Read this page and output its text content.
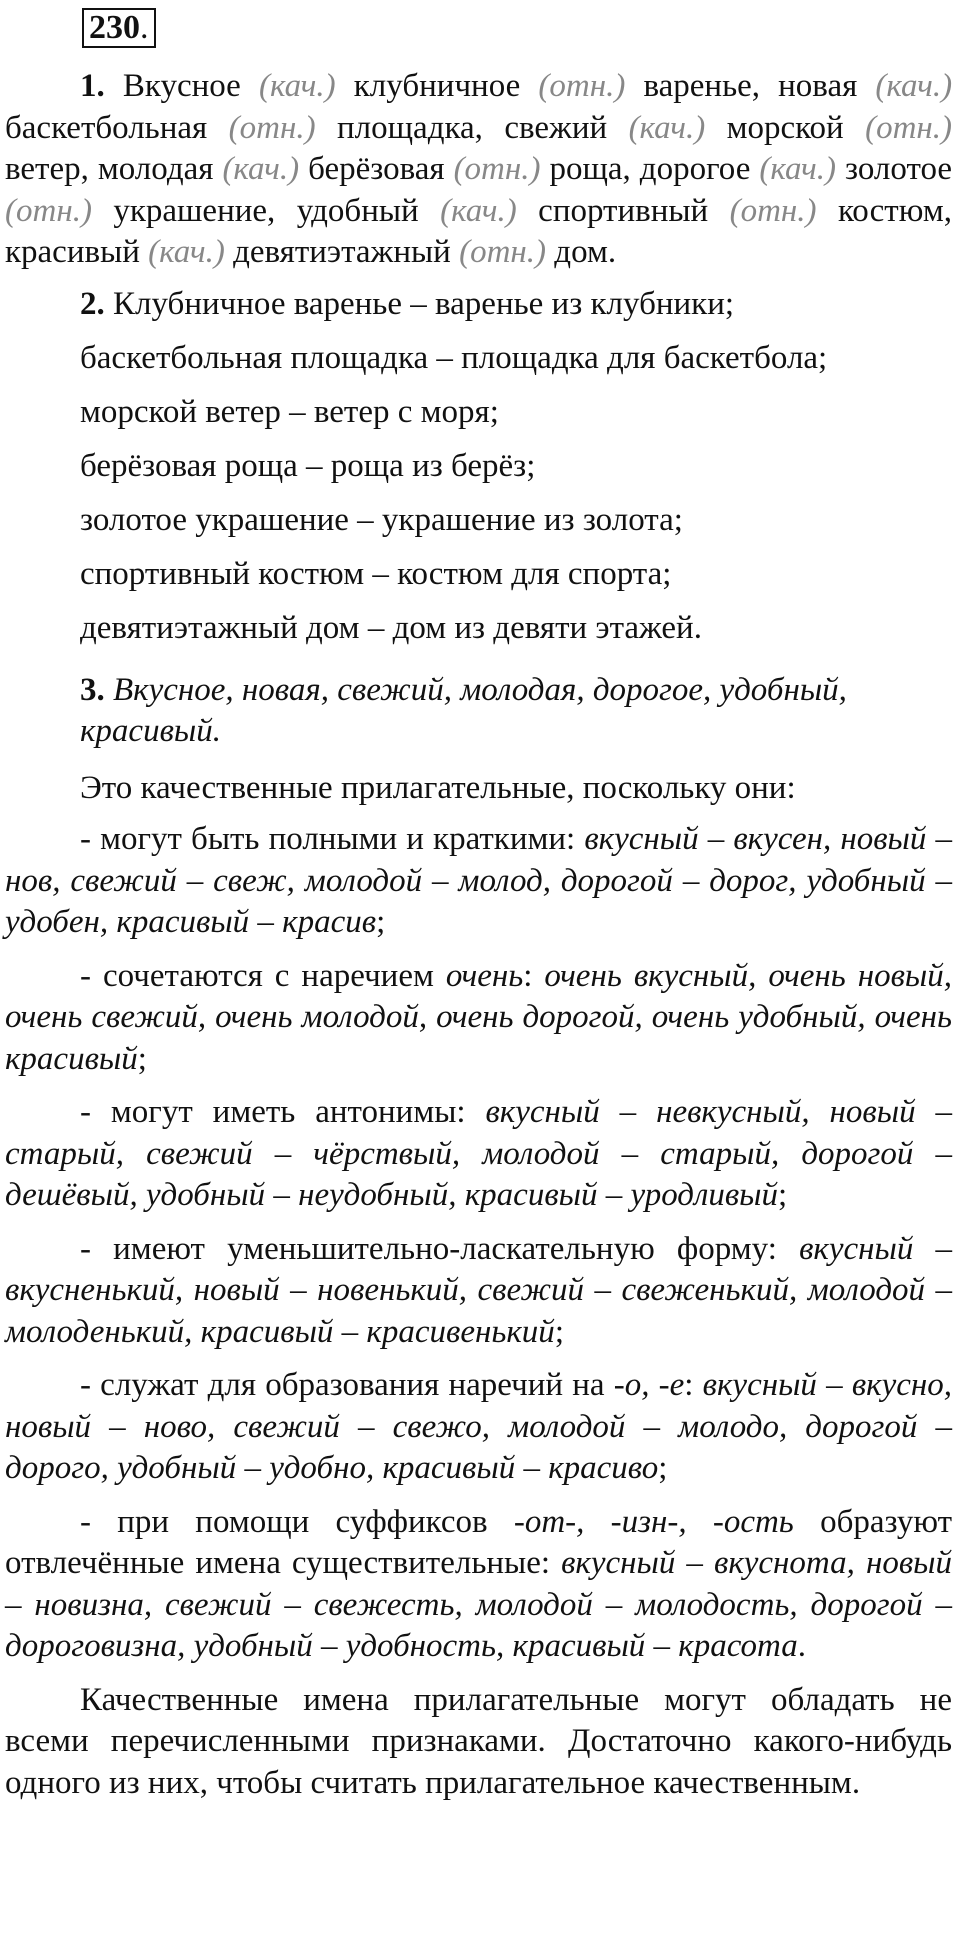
230.

1. Вкусное (кач.) клубничное (отн.) варенье, новая (кач.) баскетбольная (отн.) площадка, свежий (кач.) морской (отн.) ветер, молодая (кач.) берёзовая (отн.) роща, дорогое (кач.) золотое (отн.) украшение, удобный (кач.) спортивный (отн.) костюм, красивый (кач.) девятиэтажный (отн.) дом.

2. Клубничное варенье – варенье из клубники;

баскетбольная площадка – площадка для баскетбола;

морской ветер – ветер с моря;

берёзовая роща – роща из берёз;

золотое украшение – украшение из золота;

спортивный костюм – костюм для спорта;

девятиэтажный дом – дом из девяти этажей.

3. Вкусное, новая, свежий, молодая, дорогое, удобный,
красивый.

Это качественные прилагательные, поскольку они:

- могут быть полными и краткими: вкусный – вкусен, новый – нов, свежий – свеж, молодой – молод, дорогой – дорог, удобный – удобен, красивый – красив;

- сочетаются с наречием очень: очень вкусный, очень новый, очень свежий, очень молодой, очень дорогой, очень удобный, очень красивый;

- могут иметь антонимы: вкусный – невкусный, новый – старый, свежий – чёрствый, молодой – старый, дорогой – дешёвый, удобный – неудобный, красивый – уродливый;

- имеют уменьшительно-ласкательную форму: вкусный – вкусненький, новый – новенький, свежий – свеженький, молодой – молоденький, красивый – красивенький;

- служат для образования наречий на -о, -е: вкусный – вкусно, новый – ново, свежий – свежо, молодой – молодо, дорогой – дорого, удобный – удобно, красивый – красиво;

- при помощи суффиксов -от-, -изн-, -ость образуют отвлечённые имена существительные: вкусный – вкуснота, новый – новизна, свежий – свежесть, молодой – молодость, дорогой – дороговизна, удобный – удобность, красивый – красота.

Качественные имена прилагательные могут обладать не всеми перечисленными признаками. Достаточно какого-нибудь одного из них, чтобы считать прилагательное качественным.
